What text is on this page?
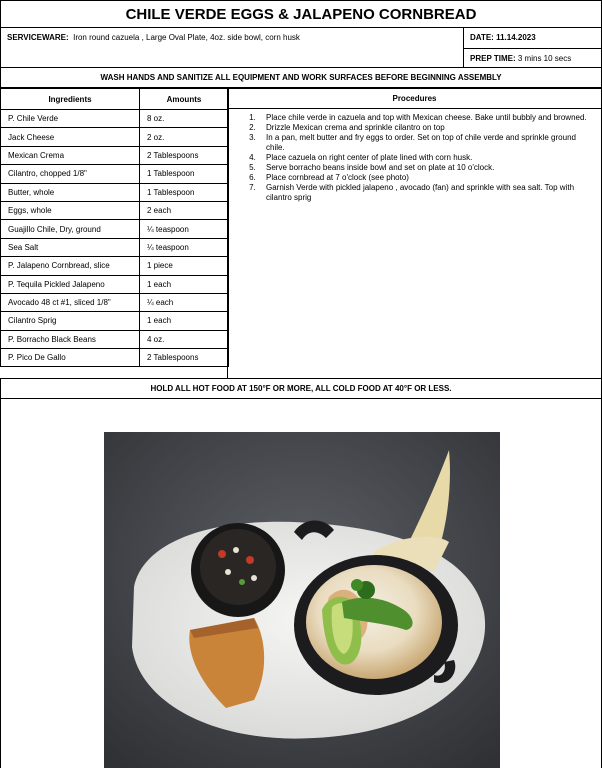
CHILE VERDE EGGS & JALAPENO CORNBREAD
SERVICEWARE: Iron round cazuela , Large Oval Plate, 4oz. side bowl, corn husk	DATE: 11.14.2023
PREP TIME: 3 mins 10 secs
WASH HANDS AND SANITIZE ALL EQUIPMENT AND WORK SURFACES BEFORE BEGINNING ASSEMBLY
Ingredients	Amounts
P. Chile Verde	8 oz.
Jack Cheese	2 oz.
Mexican Crema	2 Tablespoons
Cilantro, chopped 1/8"	1 Tablespoon
Butter, whole	1 Tablespoon
Eggs, whole	2 each
Guajillo Chile, Dry, ground	¼ teaspoon
Sea Salt	¼ teaspoon
P. Jalapeno Cornbread, slice	1 piece
P. Tequila Pickled Jalapeno	1 each
Avocado 48 ct #1, sliced 1/8"	¼ each
Cilantro Sprig	1 each
P. Borracho Black Beans	4 oz.
P. Pico De Gallo	2 Tablespoons
Procedures
1. Place chile verde in cazuela and top with Mexican cheese. Bake until bubbly and browned.
2. Drizzle Mexican crema and sprinkle cilantro on top
3. In a pan, melt butter and fry eggs to order. Set on top of chile verde and sprinkle ground chile.
4. Place cazuela on right center of plate lined with corn husk.
5. Serve borracho beans inside bowl and set on plate at 10 o'clock.
6. Place cornbread at 7 o'clock (see photo)
7. Garnish Verde with pickled jalapeno , avocado (fan) and sprinkle with sea salt. Top with cilantro sprig
HOLD ALL HOT FOOD AT 150°F OR MORE, ALL COLD FOOD AT 40°F OR LESS.
